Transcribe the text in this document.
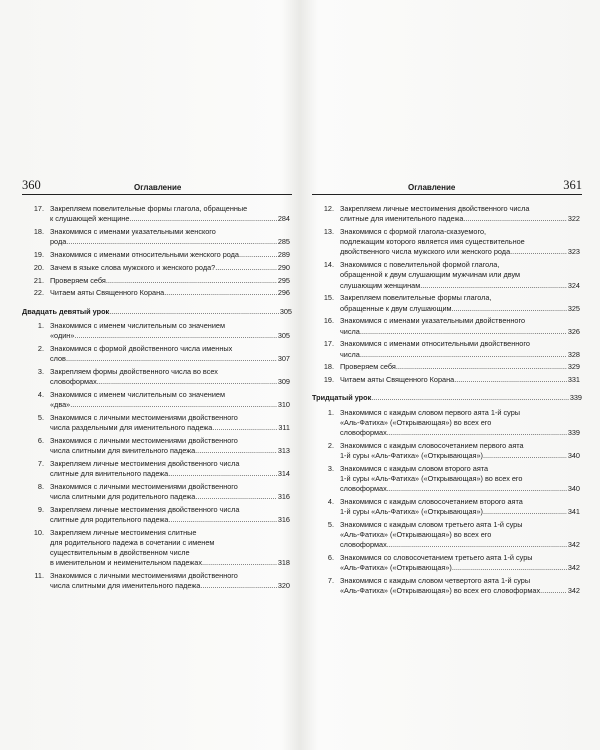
360	Оглавление
17. Закрепляем повелительные формы глагола, обращенные
к слушающей женщине .....	284
18. Знакомимся с именами указательными женского
рода .....	285
19. Знакомимся с именами относительными женского рода .....	289
20. Зачем в языке слова мужского и женского рода? .....	290
21. Проверяем себя .....	295
22. Читаем аяты Священного Корана .....	296
Двадцать девятый урок .....	305
1. Знакомимся с именем числительным со значением
«один» .....	305
2. Знакомимся с формой двойственного числа именных
слов .....	307
3. Закрепляем формы двойственного числа во всех
словоформах .....	309
4. Знакомимся с именем числительным со значением
«два» .....	310
5. Знакомимся с личными местоимениями двойственного
числа раздельными для именительного падежа .....	311
6. Знакомимся с личными местоимениями двойственного
числа слитными для винительного падежа .....	313
7. Закрепляем личные местоимения двойственного числа
слитные для винительного падежа .....	314
8. Знакомимся с личными местоимениями двойственного
числа слитными для родительного падежа .....	316
9. Закрепляем личные местоимения двойственного числа
слитные для родительного падежа .....	316
10. Закрепляем личные местоимения слитные
для родительного падежа в сочетании с именем
существительным в двойственном числе
в именительном и неименительном падежах .....	318
11. Знакомимся с личными местоимениями двойственного
числа слитными для именительного падежа .....	320
Оглавление	361
12. Закрепляем личные местоимения двойственного числа
слитные для именительного падежа .....	322
13. Знакомимся с формой глагола-сказуемого,
подлежащим которого является имя существительное
двойственного числа мужского или женского рода .....	323
14. Знакомимся с повелительной формой глагола,
обращенной к двум слушающим мужчинам или двум
слушающим женщинам .....	324
15. Закрепляем повелительные формы глагола,
обращенные к двум слушающим .....	325
16. Знакомимся с именами указательными двойственного
числа .....	326
17. Знакомимся с именами относительными двойственного
числа .....	328
18. Проверяем себя .....	329
19. Читаем аяты Священного Корана .....	331
Тридцатый урок .....	339
1. Знакомимся с каждым словом первого аята 1-й суры
«Аль-Фатиха» («Открывающая») во всех его
словоформах .....	339
2. Знакомимся с каждым словосочетанием первого аята
1-й суры «Аль-Фатиха» («Открывающая») .....	340
3. Знакомимся с каждым словом второго аята
1-й суры «Аль-Фатиха» («Открывающая») во всех его
словоформах .....	340
4. Знакомимся с каждым словосочетанием второго аята
1-й суры «Аль-Фатиха» («Открывающая») .....	341
5. Знакомимся с каждым словом третьего аята 1-й суры
«Аль-Фатиха» («Открывающая») во всех его
словоформах .....	342
6. Знакомимся со словосочетанием третьего аята 1-й суры
«Аль-Фатиха» («Открывающая») .....	342
7. Знакомимся с каждым словом четвертого аята 1-й суры
«Аль-Фатиха» («Открывающая») во всех его словоформах .....	342
